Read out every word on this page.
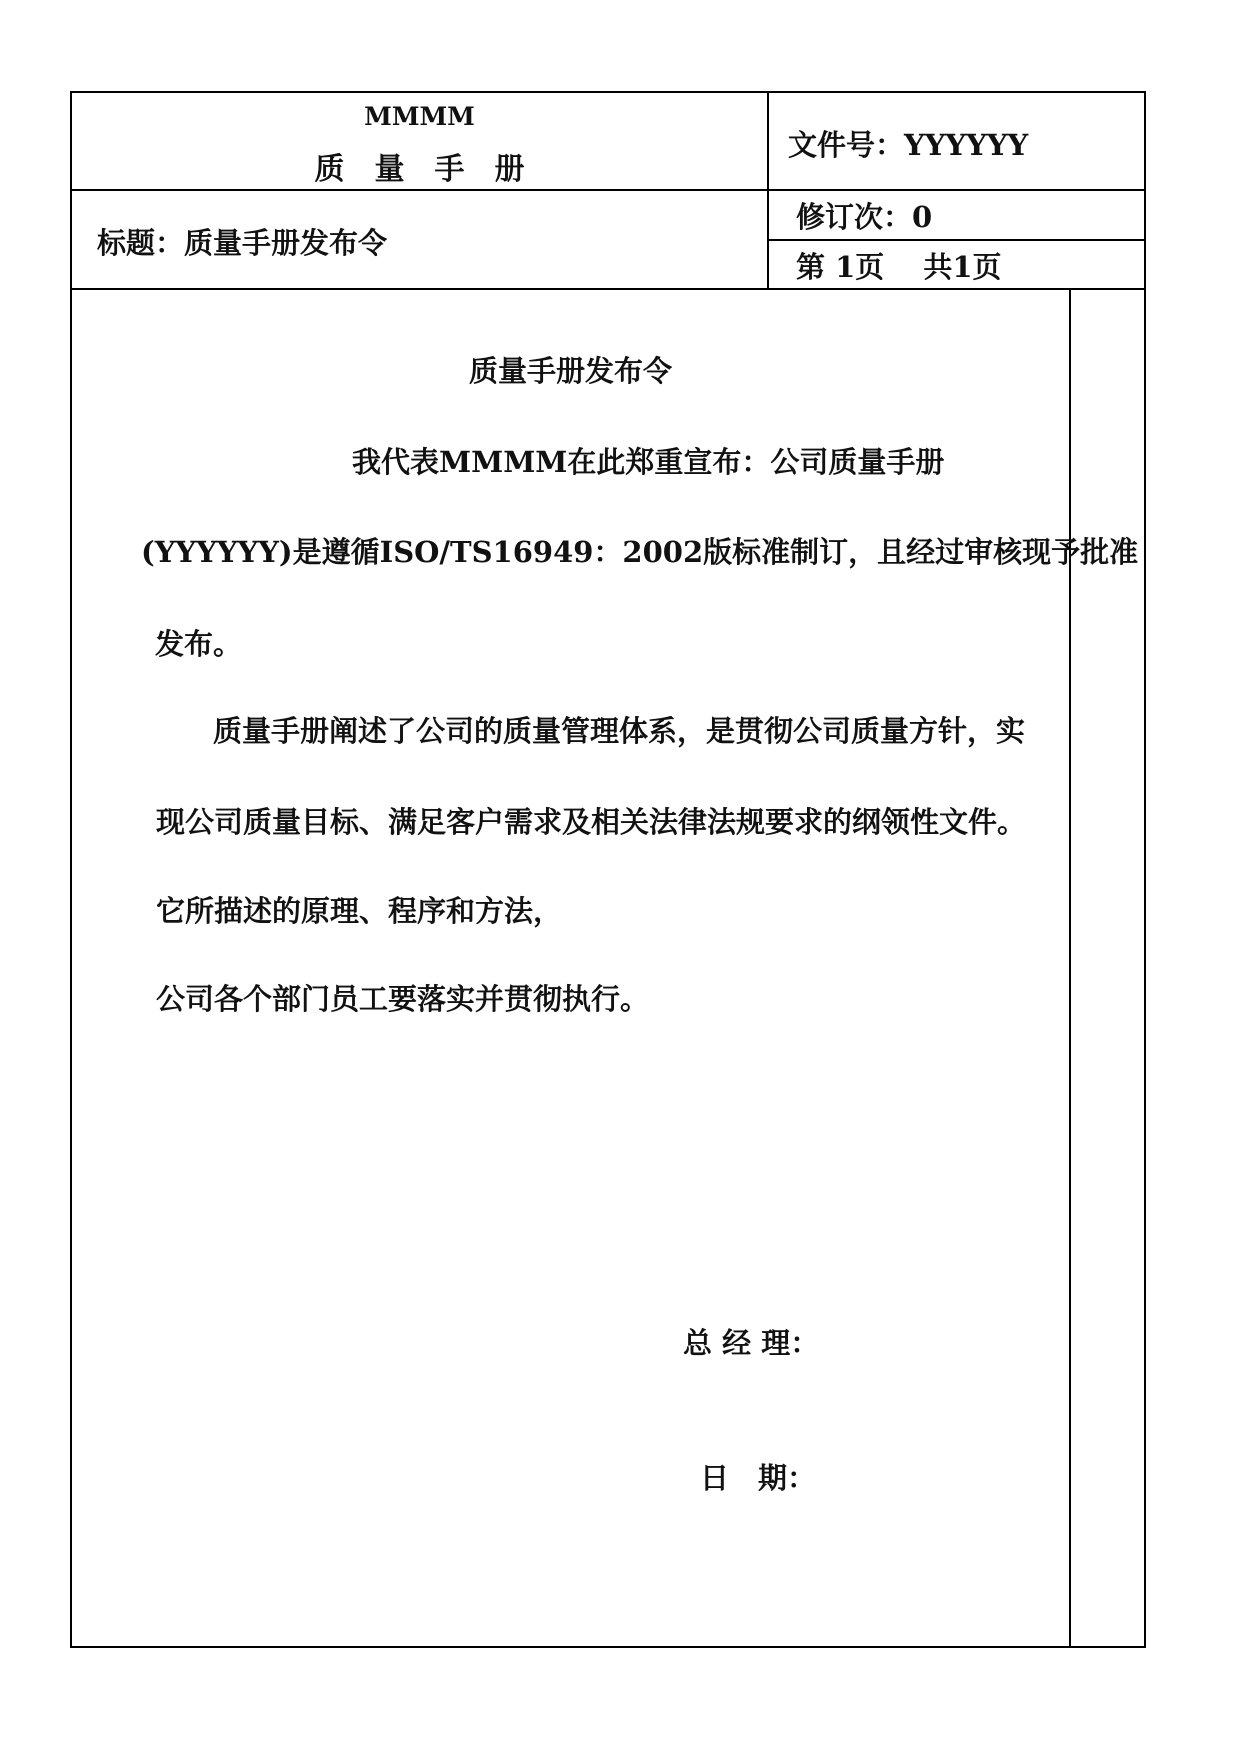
MMMM
质　量　手　册
文件号：YYYYYY
标题：质量手册发布令
修订次：0
第 1页　 共1页
质量手册发布令
我代表MMMM在此郑重宣布：公司质量手册
(YYYYYY)是遵循ISO/TS16949：2002版标准制订，且经过审核现予批准
发布。
质量手册阐述了公司的质量管理体系，是贯彻公司质量方针，实
现公司质量目标、满足客户需求及相关法律法规要求的纲领性文件。
它所描述的原理、程序和方法，
公司各个部门员工要落实并贯彻执行。
总 经 理：
日　期：
